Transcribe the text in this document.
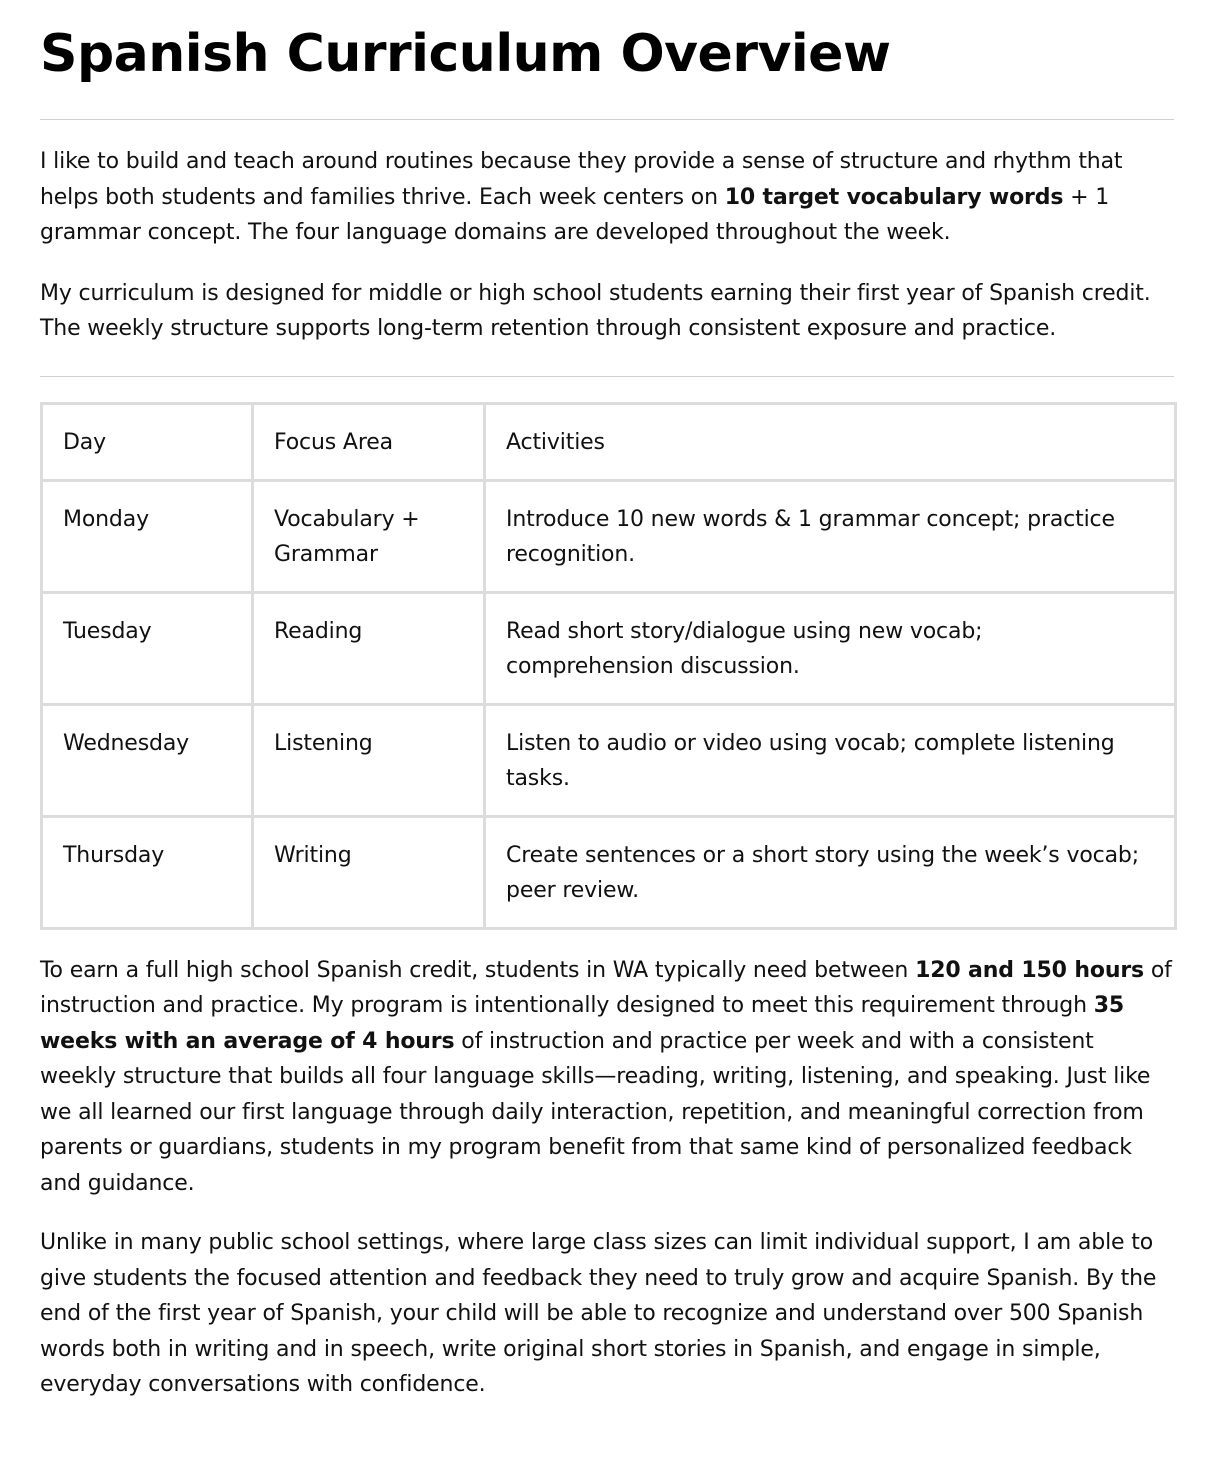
Spanish Curriculum Overview

I like to build and teach around routines because they provide a sense of structure and rhythm that helps both students and families thrive. Each week centers on 10 target vocabulary words + 1 grammar concept. The four language domains are developed throughout the week.

My curriculum is designed for middle or high school students earning their first year of Spanish credit. The weekly structure supports long-term retention through consistent exposure and practice.

Day	Focus Area	Activities
Monday	Vocabulary + Grammar	Introduce 10 new words & 1 grammar concept; practice recognition.
Tuesday	Reading	Read short story/dialogue using new vocab; comprehension discussion.
Wednesday	Listening	Listen to audio or video using vocab; complete listening tasks.
Thursday	Writing	Create sentences or a short story using the week’s vocab; peer review.

To earn a full high school Spanish credit, students in WA typically need between 120 and 150 hours of instruction and practice. My program is intentionally designed to meet this requirement through 35 weeks with an average of 4 hours of instruction and practice per week and with a consistent weekly structure that builds all four language skills—reading, writing, listening, and speaking. Just like we all learned our first language through daily interaction, repetition, and meaningful correction from parents or guardians, students in my program benefit from that same kind of personalized feedback and guidance.

Unlike in many public school settings, where large class sizes can limit individual support, I am able to give students the focused attention and feedback they need to truly grow and acquire Spanish. By the end of the first year of Spanish, your child will be able to recognize and understand over 500 Spanish words both in writing and in speech, write original short stories in Spanish, and engage in simple, everyday conversations with confidence.
